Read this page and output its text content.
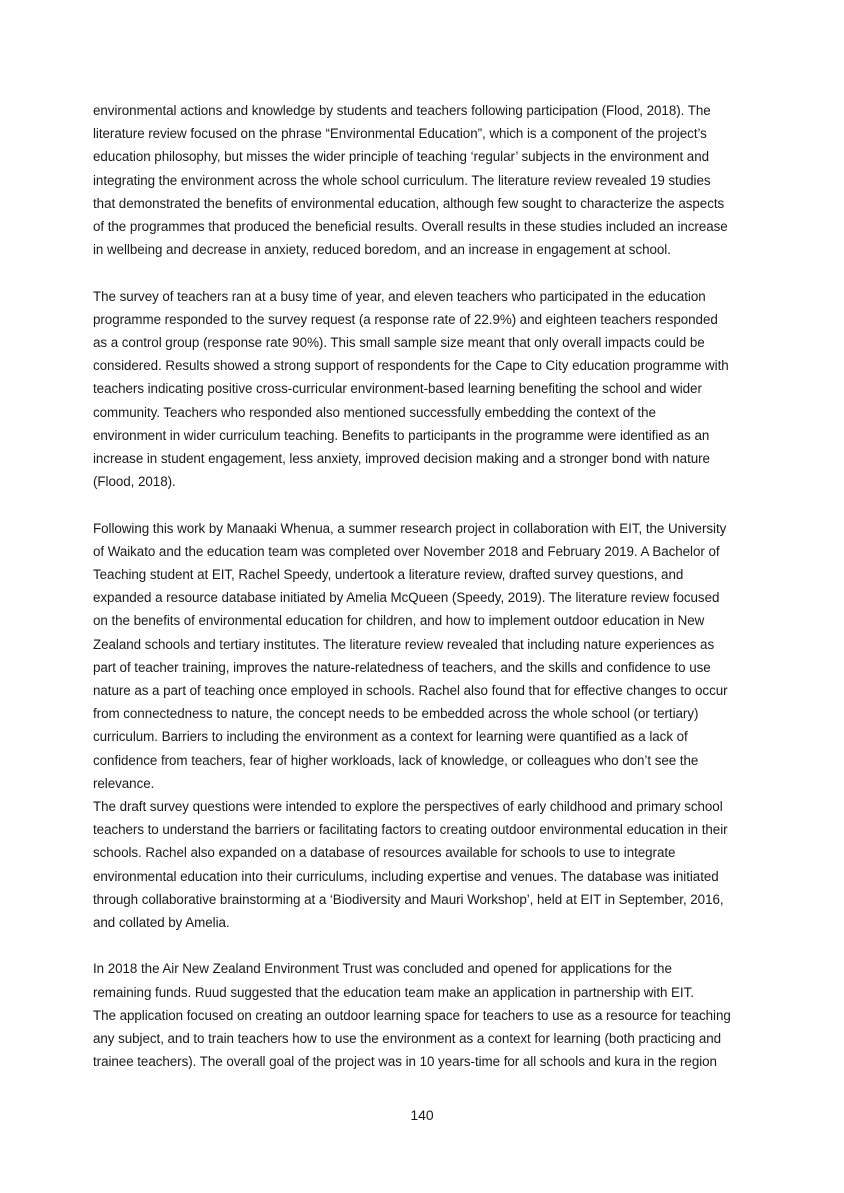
environmental actions and knowledge by students and teachers following participation (Flood, 2018). The
literature review focused on the phrase “Environmental Education”, which is a component of the project’s
education philosophy, but misses the wider principle of teaching ‘regular’ subjects in the environment and
integrating the environment across the whole school curriculum. The literature review revealed 19 studies
that demonstrated the benefits of environmental education, although few sought to characterize the aspects
of the programmes that produced the beneficial results. Overall results in these studies included an increase
in wellbeing and decrease in anxiety, reduced boredom, and an increase in engagement at school.

The survey of teachers ran at a busy time of year, and eleven teachers who participated in the education
programme responded to the survey request (a response rate of 22.9%) and eighteen teachers responded
as a control group (response rate 90%). This small sample size meant that only overall impacts could be
considered. Results showed a strong support of respondents for the Cape to City education programme with
teachers indicating positive cross-curricular environment-based learning benefiting the school and wider
community. Teachers who responded also mentioned successfully embedding the context of the
environment in wider curriculum teaching. Benefits to participants in the programme were identified as an
increase in student engagement, less anxiety, improved decision making and a stronger bond with nature
(Flood, 2018).

Following this work by Manaaki Whenua, a summer research project in collaboration with EIT, the University
of Waikato and the education team was completed over November 2018 and February 2019. A Bachelor of
Teaching student at EIT, Rachel Speedy, undertook a literature review, drafted survey questions, and
expanded a resource database initiated by Amelia McQueen (Speedy, 2019). The literature review focused
on the benefits of environmental education for children, and how to implement outdoor education in New
Zealand schools and tertiary institutes. The literature review revealed that including nature experiences as
part of teacher training, improves the nature-relatedness of teachers, and the skills and confidence to use
nature as a part of teaching once employed in schools. Rachel also found that for effective changes to occur
from connectedness to nature, the concept needs to be embedded across the whole school (or tertiary)
curriculum. Barriers to including the environment as a context for learning were quantified as a lack of
confidence from teachers, fear of higher workloads, lack of knowledge, or colleagues who don’t see the
relevance.

The draft survey questions were intended to explore the perspectives of early childhood and primary school
teachers to understand the barriers or facilitating factors to creating outdoor environmental education in their
schools. Rachel also expanded on a database of resources available for schools to use to integrate
environmental education into their curriculums, including expertise and venues. The database was initiated
through collaborative brainstorming at a ‘Biodiversity and Mauri Workshop’, held at EIT in September, 2016,
and collated by Amelia.

In 2018 the Air New Zealand Environment Trust was concluded and opened for applications for the
remaining funds. Ruud suggested that the education team make an application in partnership with EIT.

The application focused on creating an outdoor learning space for teachers to use as a resource for teaching
any subject, and to train teachers how to use the environment as a context for learning (both practicing and
trainee teachers). The overall goal of the project was in 10 years-time for all schools and kura in the region

140
